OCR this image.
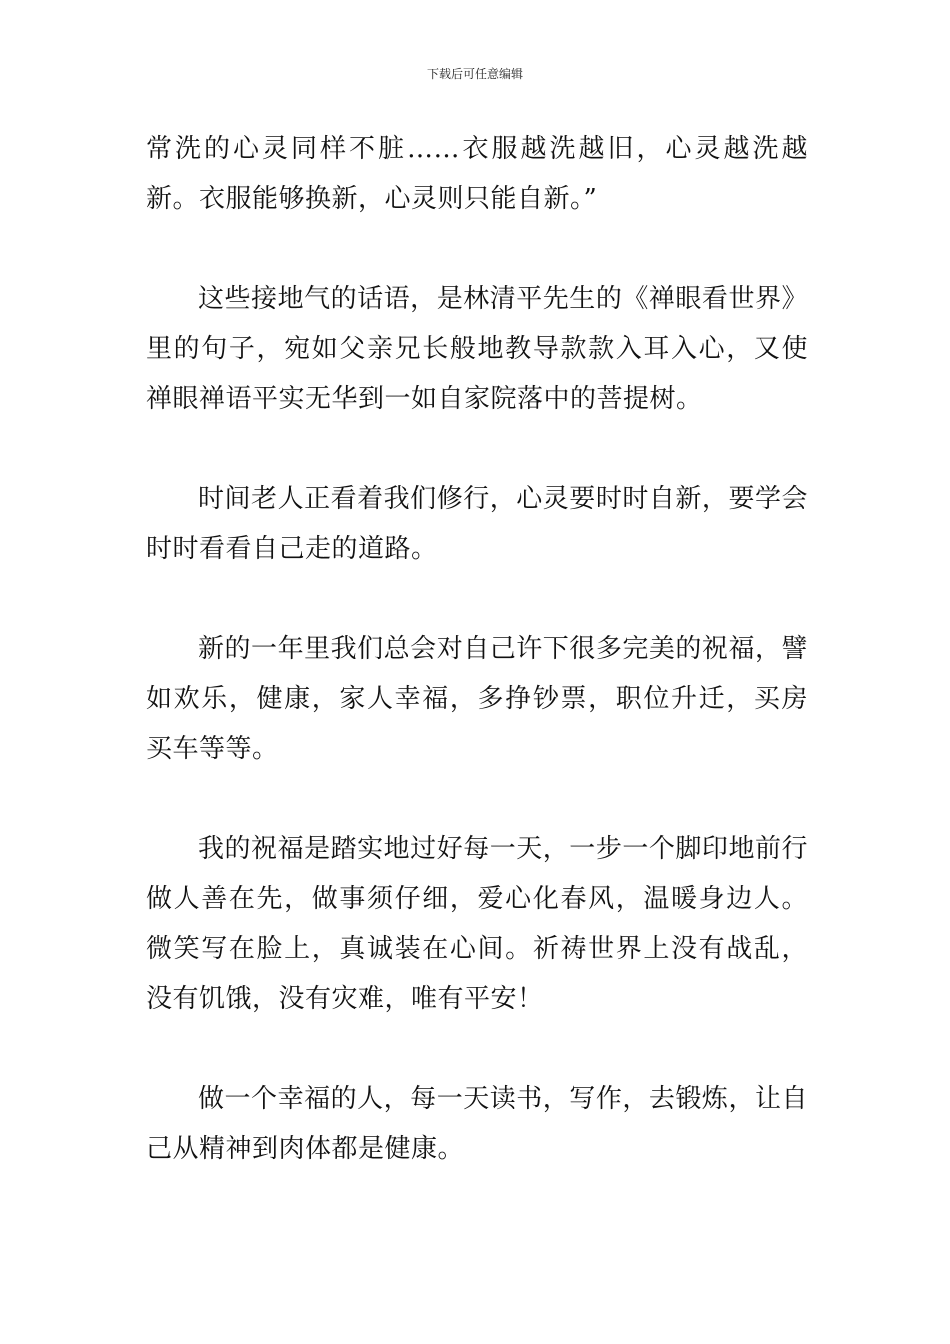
下载后可任意编辑

常洗的心灵同样不脏……衣服越洗越旧，心灵越洗越新。衣服能够换新，心灵则只能自新。”

这些接地气的话语，是林清平先生的《禅眼看世界》里的句子，宛如父亲兄长般地教导款款入耳入心，又使禅眼禅语平实无华到一如自家院落中的菩提树。

时间老人正看着我们修行，心灵要时时自新，要学会时时看看自己走的道路。

新的一年里我们总会对自己许下很多完美的祝福，譬如欢乐，健康，家人幸福，多挣钞票，职位升迁，买房买车等等。

我的祝福是踏实地过好每一天，一步一个脚印地前行做人善在先，做事须仔细，爱心化春风，温暖身边人。微笑写在脸上，真诚装在心间。祈祷世界上没有战乱，没有饥饿，没有灾难，唯有平安！

做一个幸福的人，每一天读书，写作，去锻炼，让自己从精神到肉体都是健康。
